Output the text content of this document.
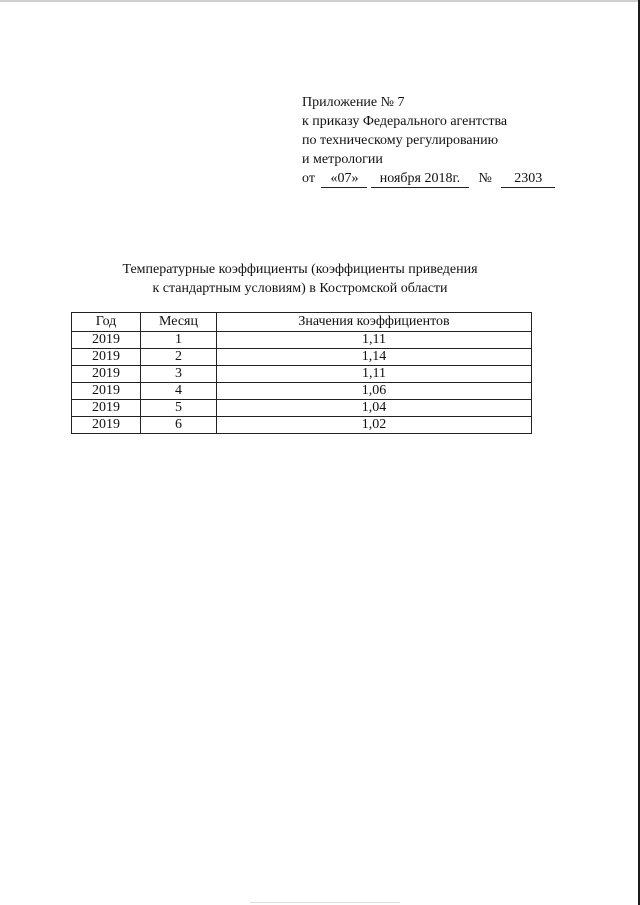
Приложение № 7
к приказу Федерального агентства
по техническому регулированию
и метрологии
от «07» ноября 2018г. № 2303
Температурные коэффициенты (коэффициенты приведения
к стандартным условиям) в Костромской области
Год	Месяц	Значения коэффициентов
2019	1	1,11
2019	2	1,14
2019	3	1,11
2019	4	1,06
2019	5	1,04
2019	6	1,02
